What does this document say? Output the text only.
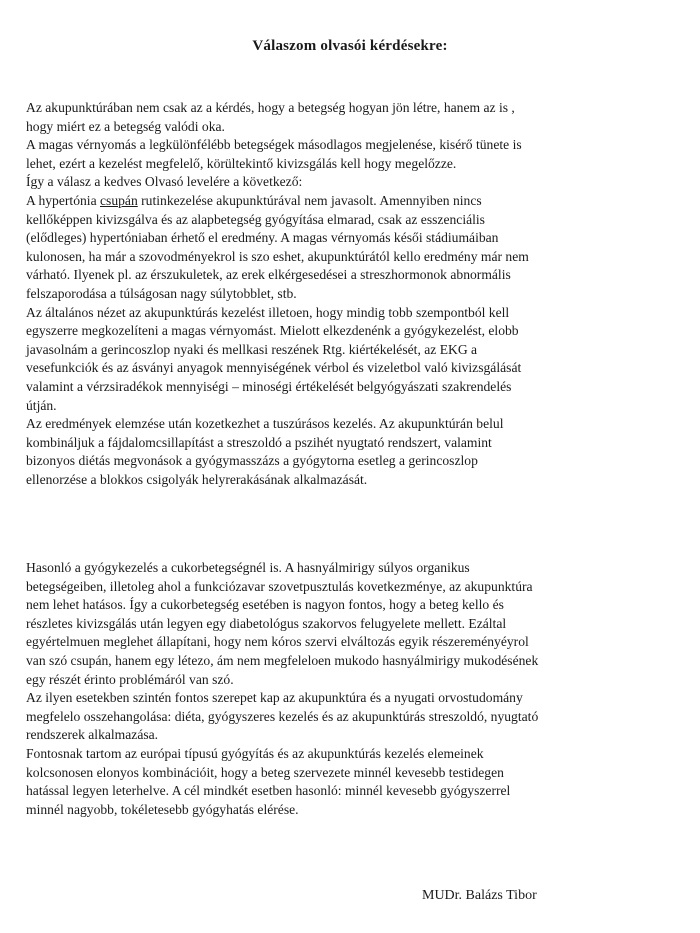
Válaszom olvasói kérdésekre:
Az akupunktúrában nem csak az a kérdés, hogy a betegség hogyan jön létre, hanem az is ,
hogy miért ez a betegség valódi oka.
A magas vérnyomás a legkülönfélébb betegségek másodlagos megjelenése, kisérő tünete is
lehet, ezért a kezelést megfelelő, körültekintő kivizsgálás kell hogy megelőzze.
Így a válasz a kedves Olvasó levelére a következő:
A hypertónia csupán rutinkezelése akupunktúrával nem javasolt. Amennyiben nincs
kellőképpen kivizsgálva és az alapbetegség gyógyítása elmarad, csak az esszenciális
(elődleges) hypertóniaban érhető el eredmény. A magas vérnyomás késői stádiumáiban
kulonosen, ha már a szovodményekrol is szo eshet, akupunktúrától kello eredmény már nem
várható. Ilyenek pl. az érszukuletek, az erek elkérgesedései a streszhormonok abnormális
felszaporodása a túlságosan nagy súlytobblet, stb.
Az általános nézet az akupunktúrás kezelést illetoen, hogy mindig tobb szempontból kell
egyszerre megkozelíteni a magas vérnyomást. Mielott elkezdenénk a gyógykezelést, elobb
javasolnám a gerincoszlop nyaki és mellkasi reszének Rtg. kiértékelését, az EKG a
vesefunkciók és az ásványi anyagok mennyiségének vérbol és vizeletbol való kivizsgálását
valamint a vérzsiradékok mennyiségi – minoségi értékelését belgyógyászati szakrendelés
útján.
Az eredmények elemzése után kozetkezhet a tuszúrásos kezelés. Az akupunktúrán belul
kombináljuk a fájdalomcsillapítást a streszoldó a pszihét nyugtató rendszert, valamint
bizonyos diétás megvonások a gyógymasszázs a gyógytorna esetleg a gerincoszlop
ellenorzése a blokkos csigolyák helyrerakásának alkalmazását.
Hasonló a gyógykezelés a cukorbetegségnél is. A hasnyálmirigy súlyos organikus
betegségeiben, illetoleg ahol a funkciózavar szovetpusztulás kovetkezménye, az akupunktúra
nem lehet hatásos. Így a cukorbetegség esetében is nagyon fontos, hogy a beteg kello és
részletes kivizsgálás után legyen egy diabetológus szakorvos felugyelete mellett. Ezáltal
egyértelmuen meglehet állapítani, hogy nem kóros szervi elváltozás egyik részereményéyrol
van szó csupán, hanem egy létezo, ám nem megfeleloen mukodo hasnyálmirigy mukodésének
egy részét érinto problémáról van szó.
Az ilyen esetekben szintén fontos szerepet kap az akupunktúra és a nyugati orvostudomány
megfelelo osszehangolása: diéta, gyógyszeres kezelés és az akupunktúrás streszoldó, nyugtató
rendszerek alkalmazása.
Fontosnak tartom az európai típusú gyógyítás és az akupunktúrás kezelés elemeinek
kolcsonosen elonyos kombinációit, hogy a beteg szervezete minnél kevesebb testidegen
hatással legyen leterhelve. A cél mindkét esetben hasonló: minnél kevesebb gyógyszerrel
minnél nagyobb, tokéletesebb gyógyhatás elérése.
MUDr. Balázs Tibor
